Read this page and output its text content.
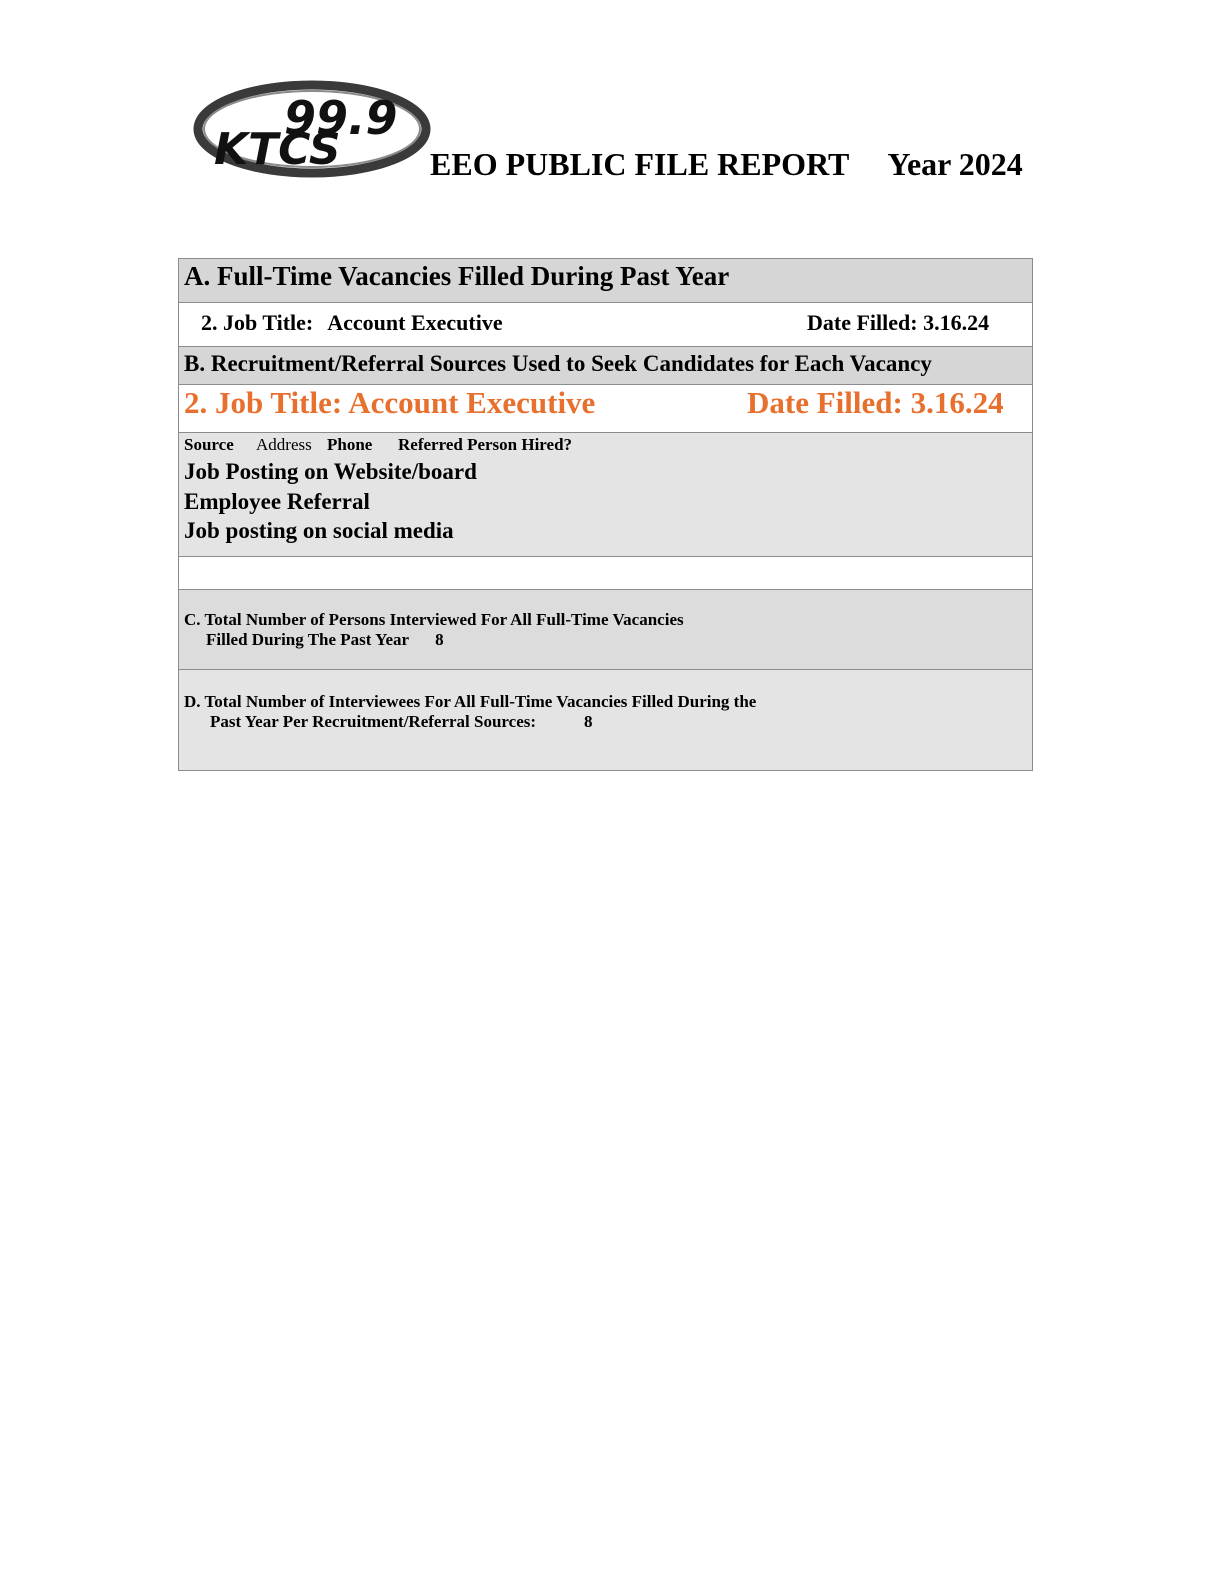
99.9
KTCS	EEO PUBLIC FILE REPORT Year 2024
A. Full-Time Vacancies Filled During Past Year
2. Job Title: Account Executive	Date Filled: 3.16.24
B. Recruitment/Referral Sources Used to Seek Candidates for Each Vacancy
2. Job Title: Account Executive	Date Filled: 3.16.24
Source Address Phone Referred Person Hired?
Job Posting on Website/board
Employee Referral
Job posting on social media
C. Total Number of Persons Interviewed For All Full-Time Vacancies
Filled During The Past Year 8
D. Total Number of Interviewees For All Full-Time Vacancies Filled During the
Past Year Per Recruitment/Referral Sources:	8
